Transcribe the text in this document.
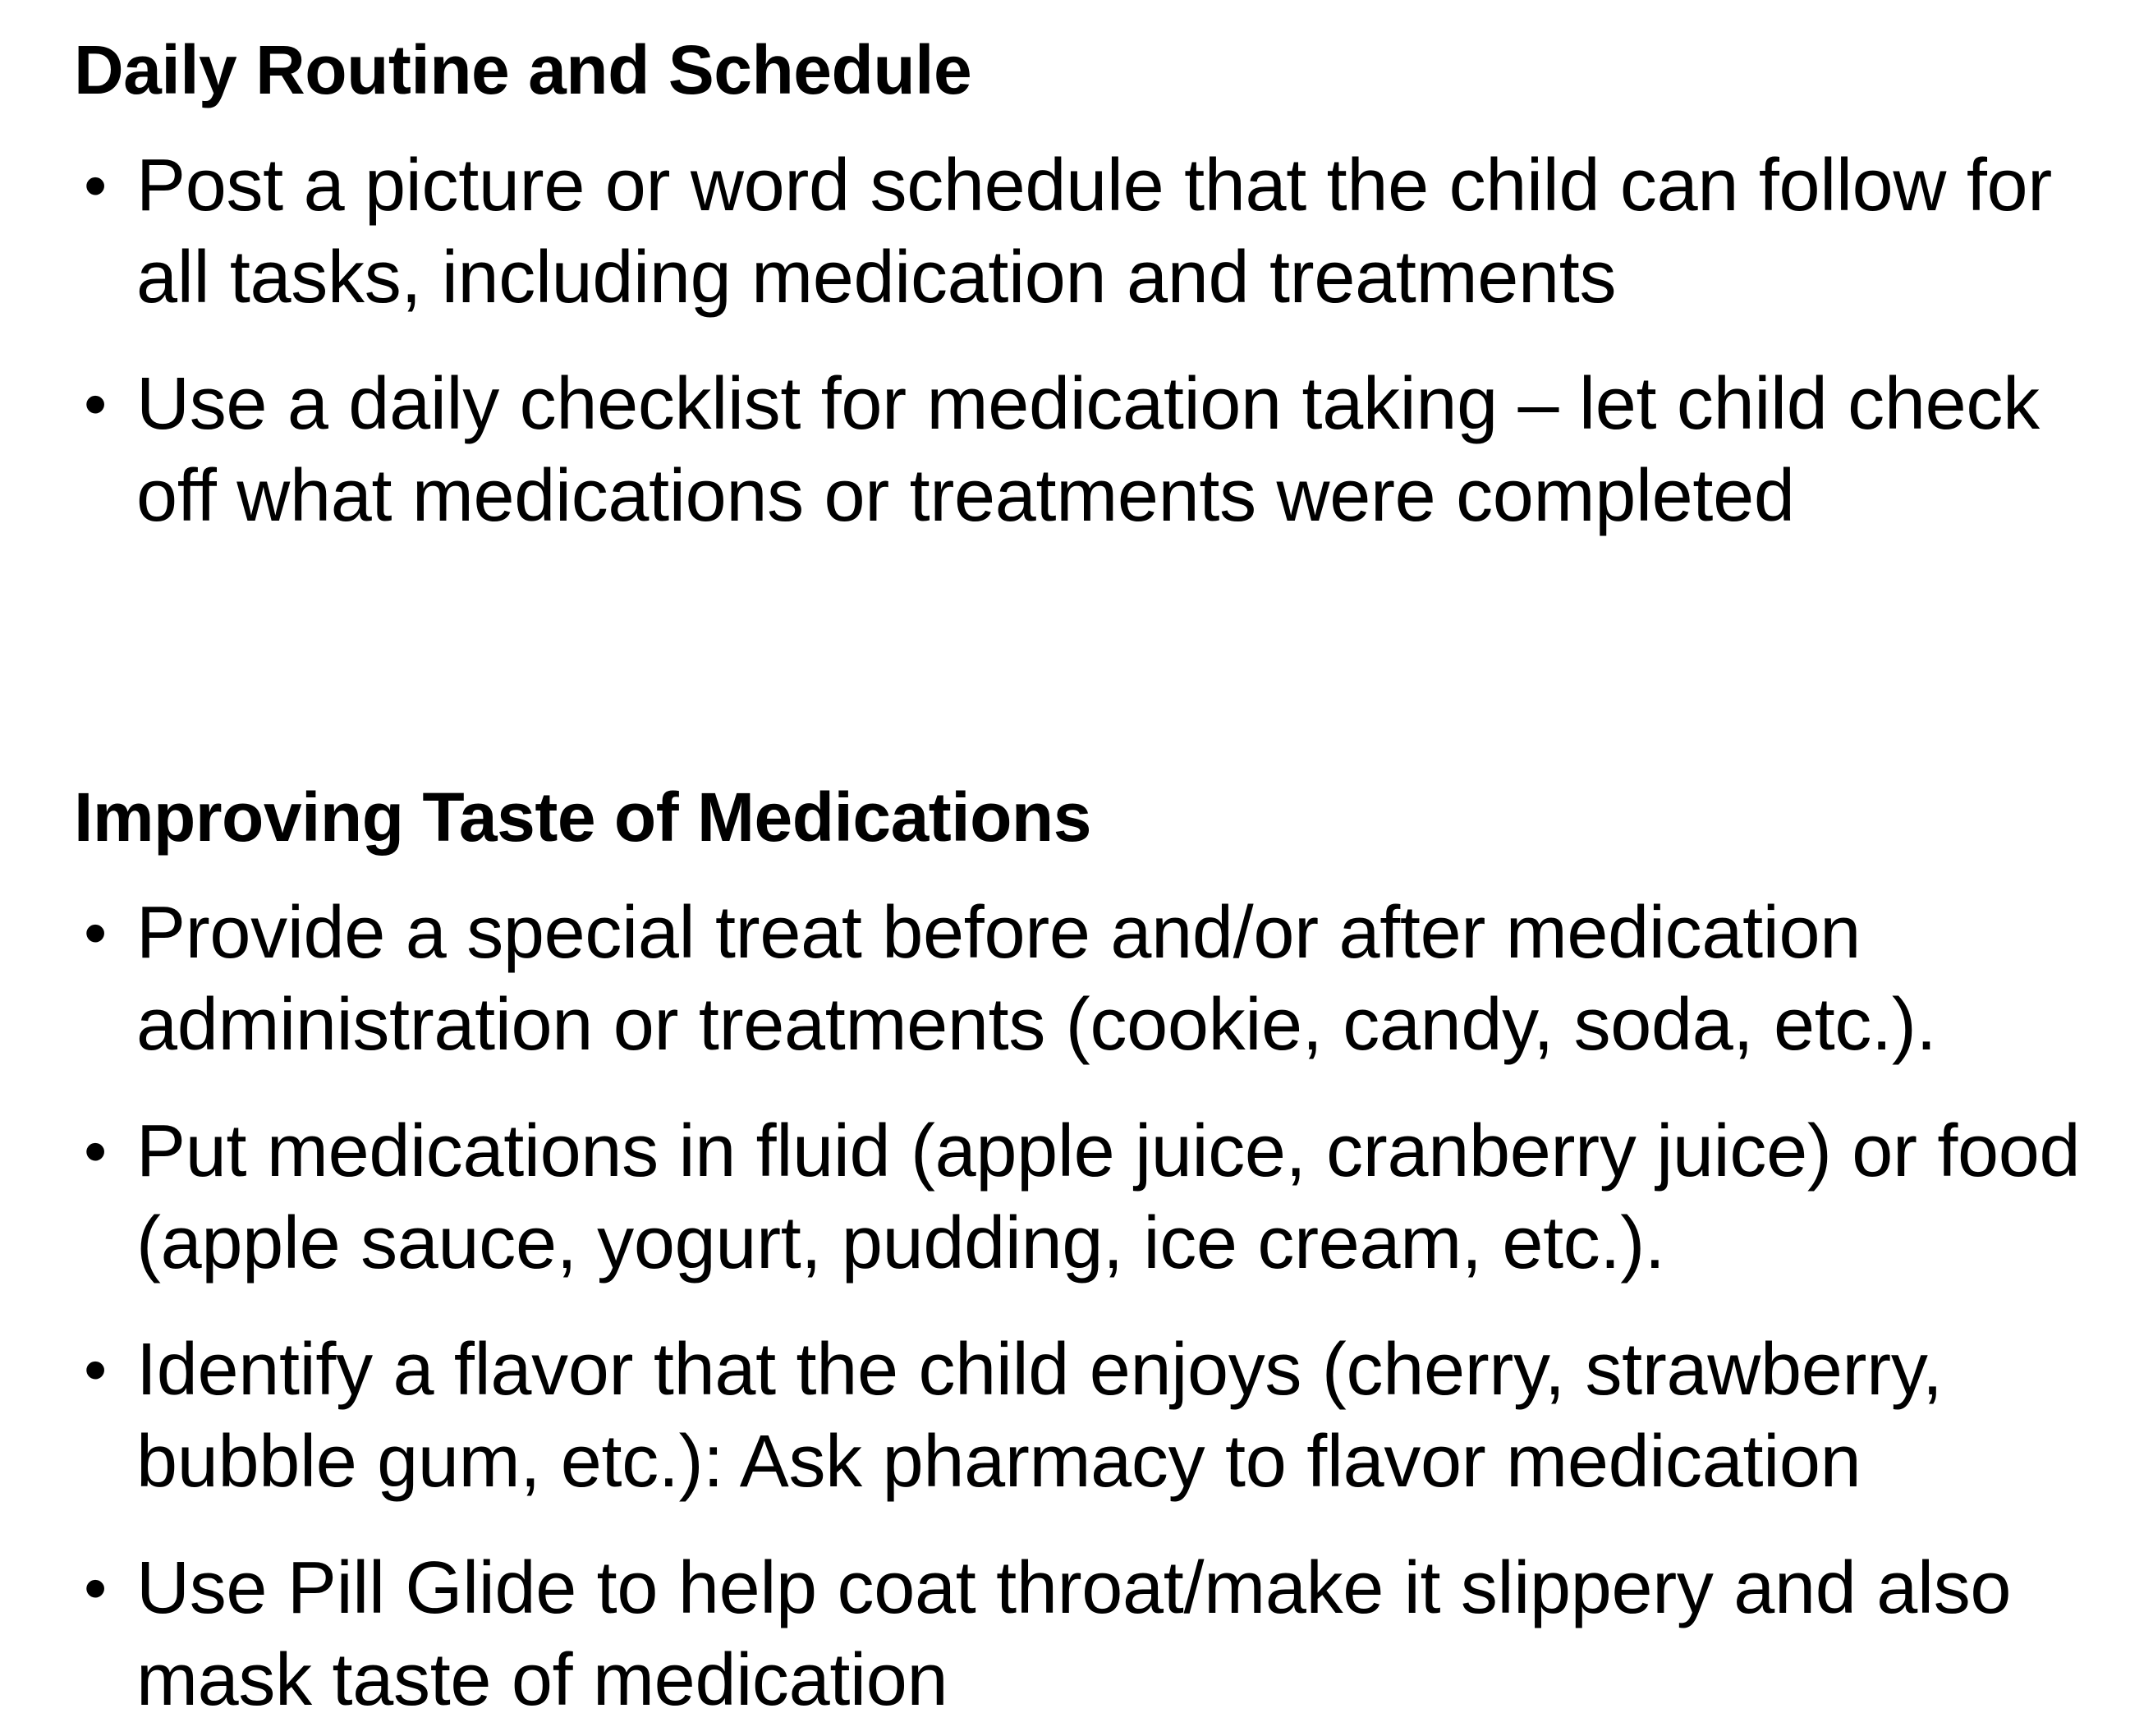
Daily Routine and Schedule
• Post a picture or word schedule that the child can follow for all tasks, including medication and treatments
• Use a daily checklist for medication taking – let child check off what medications or treatments were completed
Improving Taste of Medications
• Provide a special treat before and/or after medication administration or treatments (cookie, candy, soda, etc.).
• Put medications in fluid (apple juice, cranberry juice) or food (apple sauce, yogurt, pudding, ice cream, etc.).
• Identify a flavor that the child enjoys (cherry, strawberry, bubble gum, etc.): Ask pharmacy to flavor medication
• Use Pill Glide to help coat throat/make it slippery and also mask taste of medication
